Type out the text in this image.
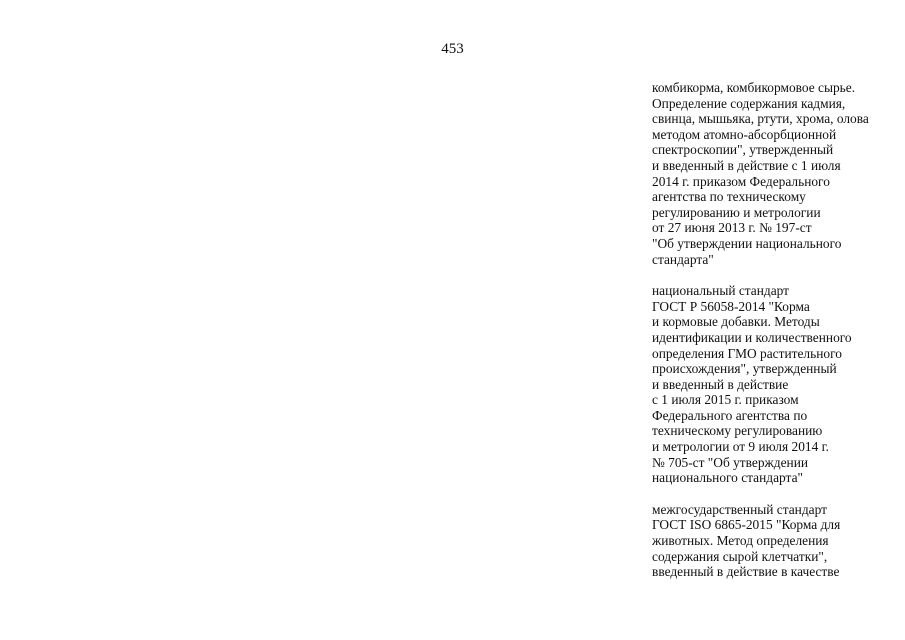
453
комбикорма, комбикормовое сырье.
Определение содержания кадмия,
свинца, мышьяка, ртути, хрома, олова
методом атомно-абсорбционной
спектроскопии", утвержденный
и введенный в действие с 1 июля
2014 г. приказом Федерального
агентства по техническому
регулированию и метрологии
от 27 июня 2013 г. № 197-ст
"Об утверждении национального
стандарта"
национальный стандарт
ГОСТ Р 56058-2014 "Корма
и кормовые добавки. Методы
идентификации и количественного
определения ГМО растительного
происхождения", утвержденный
и введенный в действие
с 1 июля 2015 г. приказом
Федерального агентства по
техническому регулированию
и метрологии от 9 июля 2014 г.
№ 705-ст "Об утверждении
национального стандарта"
межгосударственный стандарт
ГОСТ ISO 6865-2015 "Корма для
животных. Метод определения
содержания сырой клетчатки",
введенный в действие в качестве
